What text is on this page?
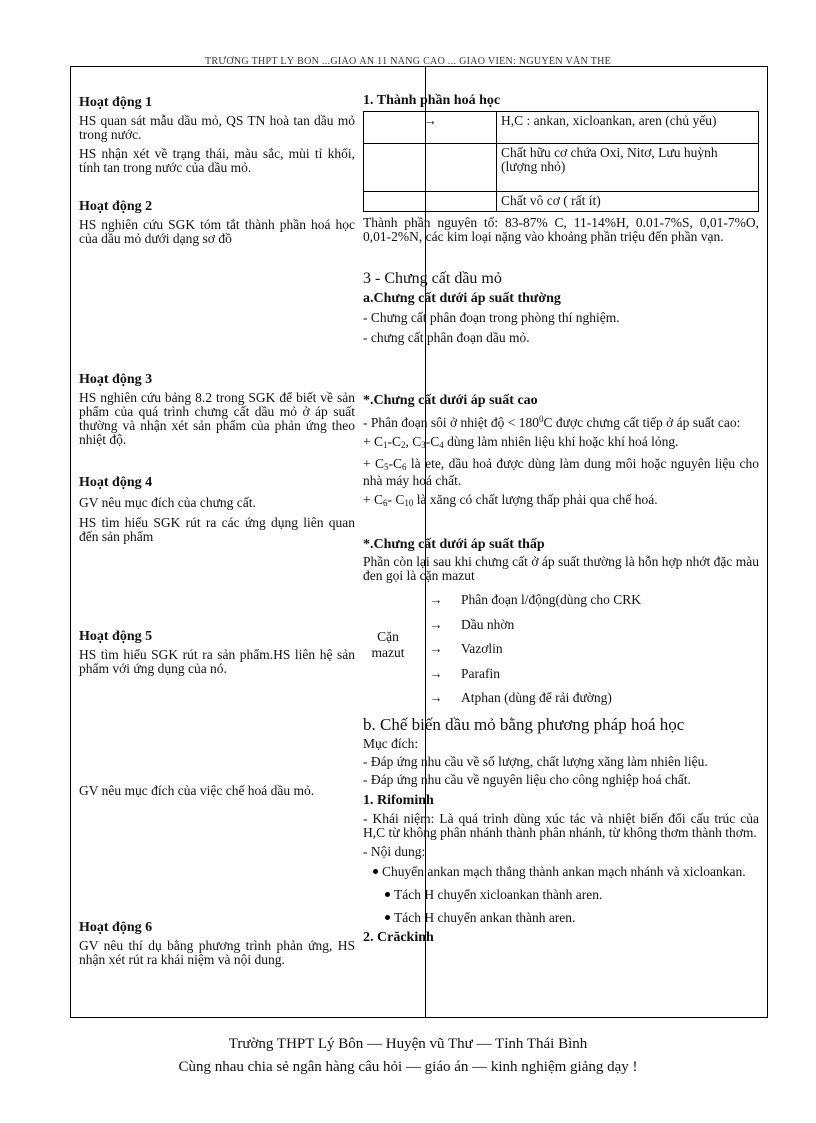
TRƯỜNG THPT LÝ BÔN ...GIÁO ÁN 11 NÂNG CAO ... GIÁO VIÊN: NGUYỄN VĂN THẾ

Hoạt động 1

HS quan sát mẫu dầu mỏ, QS TN hoà tan dầu mỏ trong nước.

HS nhận xét về trạng thái, màu sắc, mùi tỉ khối, tính tan trong nước của dầu mỏ.

Hoạt động 2

HS nghiên cứu SGK tóm tắt thành phần hoá học của dầu mỏ dưới dạng sơ đồ

Hoạt động 3

HS nghiên cứu bảng 8.2 trong SGK để biết về sản phẩm của quá trình chưng cất dầu mỏ ở áp suất thường và nhận xét sản phẩm của phản ứng theo nhiệt độ.

Hoạt động 4

GV nêu mục đích của chưng cất.

HS tìm hiểu SGK rút ra các ứng dụng liên quan đến sản phẩm

Hoạt động 5

HS tìm hiểu SGK rút ra sản phẩm.HS liên hệ sản phẩm với ứng dụng của nó.

GV nêu mục đích của việc chế hoá dầu mỏ.

Hoạt động 6

GV nêu thí dụ bằng phương trình phản ứng, HS nhận xét rút ra khái niệm và nội dung.

1. Thành phần hoá học

→	H,C : ankan, xicloankan, aren (chủ yếu)
	Chất hữu cơ chứa Oxi, Nitơ, Lưu huỳnh (lượng nhỏ)
	Chất vô cơ ( rất ít)

Thành phần nguyên tố: 83-87% C, 11-14%H, 0.01-7%S, 0,01-7%O, 0,01-2%N, các kim loại nặng vào khoảng phần triệu đến phần vạn.

3 - Chưng cất dầu mỏ

a.Chưng cất dưới áp suất thường

- Chưng cất phân đoạn trong phòng thí nghiệm.

- chưng cất phân đoạn dầu mỏ.

*.Chưng cất dưới áp suất cao

- Phân đoạn sôi ở nhiệt độ < $180^0C$ được chưng cất tiếp ở áp suất cao:

+ $C_1-C_2$, $C_3-C_4$ dùng làm nhiên liệu khí hoặc khí hoá lỏng.

+ $C_5-C_6$ là ete, dầu hoả được dùng làm dung môi hoặc nguyên liệu cho nhà máy hoá chất.

+ $C_6-$ $C_{10}$ là xăng có chất lượng thấp phải qua chế hoá.

*.Chưng cất dưới áp suất thấp

Phần còn lại sau khi chưng cất ở áp suất thường là hỗn hợp nhớt đặc màu đen gọi là cặn mazut

Cặn mazut
→ Phân đoạn l/động(dùng cho CRK
→ Dầu nhờn
→ Vazơlin
→ Parafin
→ Atphan (dùng để rải đường)

b. Chế biến dầu mỏ bằng phương pháp hoá học

Mục đích:

- Đáp ứng nhu cầu về số lượng, chất lượng xăng làm nhiên liệu.

- Đáp ứng nhu cầu về nguyên liệu cho công nghiệp hoá chất.

1. Rifominh

- Khái niệm: Là quá trình dùng xúc tác và nhiệt biến đổi cấu trúc của H,C từ không phân nhánh thành phân nhánh, từ không thơm thành thơm.

- Nội dung:

Chuyển ankan mạch thẳng thành ankan mạch nhánh và xicloankan.

Tách H chuyển xicloankan thành aren.

Tách H chuyển ankan thành aren.

2. Crăckinh

Trường THPT Lý Bôn — Huyện vũ Thư — Tỉnh Thái Bình
Cùng nhau chia sẻ ngân hàng câu hỏi — giáo án — kinh nghiệm giảng dạy !
